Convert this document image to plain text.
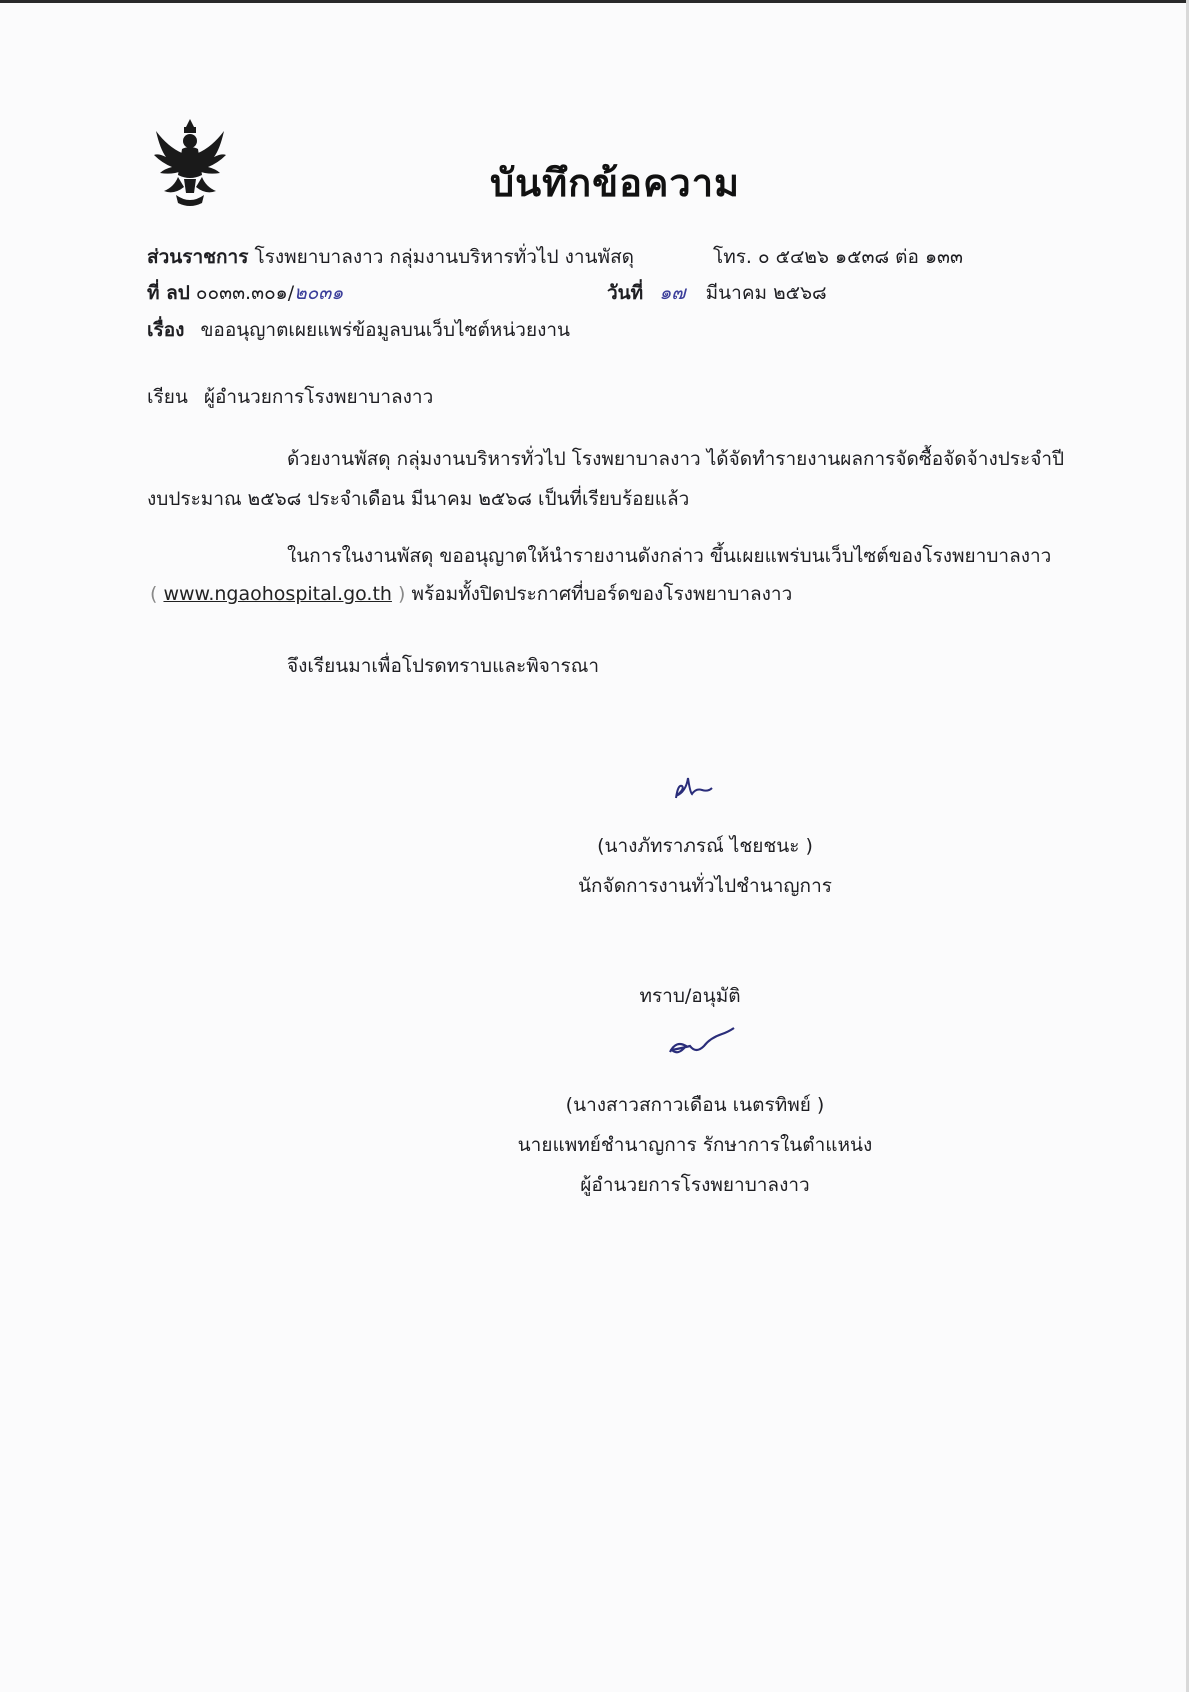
บันทึกข้อความ
ส่วนราชการ โรงพยาบาลงาว กลุ่มงานบริหารทั่วไป งานพัสดุ	โทร. ๐ ๕๔๒๖ ๑๕๓๘ ต่อ ๑๓๓
ที่ ลป ๐๐๓๓.๓๐๑/๒๐๓๑	วันที่ ๑๗ มีนาคม ๒๕๖๘
เรื่อง ขออนุญาตเผยแพร่ข้อมูลบนเว็บไซต์หน่วยงาน
เรียน ผู้อำนวยการโรงพยาบาลงาว
ด้วยงานพัสดุ กลุ่มงานบริหารทั่วไป โรงพยาบาลงาว ได้จัดทำรายงานผลการจัดซื้อจัดจ้างประจำปี
งบประมาณ ๒๕๖๘ ประจำเดือน มีนาคม ๒๕๖๘ เป็นที่เรียบร้อยแล้ว
ในการในงานพัสดุ ขออนุญาตให้นำรายงานดังกล่าว ขึ้นเผยแพร่บนเว็บไซต์ของโรงพยาบาลงาว
( www.ngaohospital.go.th ) พร้อมทั้งปิดประกาศที่บอร์ดของโรงพยาบาลงาว
จึงเรียนมาเพื่อโปรดทราบและพิจารณา
(นางภัทราภรณ์ ไชยชนะ )
นักจัดการงานทั่วไปชำนาญการ
ทราบ/อนุมัติ
(นางสาวสกาวเดือน เนตรทิพย์ )
นายแพทย์ชำนาญการ รักษาการในตำแหน่ง
ผู้อำนวยการโรงพยาบาลงาว
